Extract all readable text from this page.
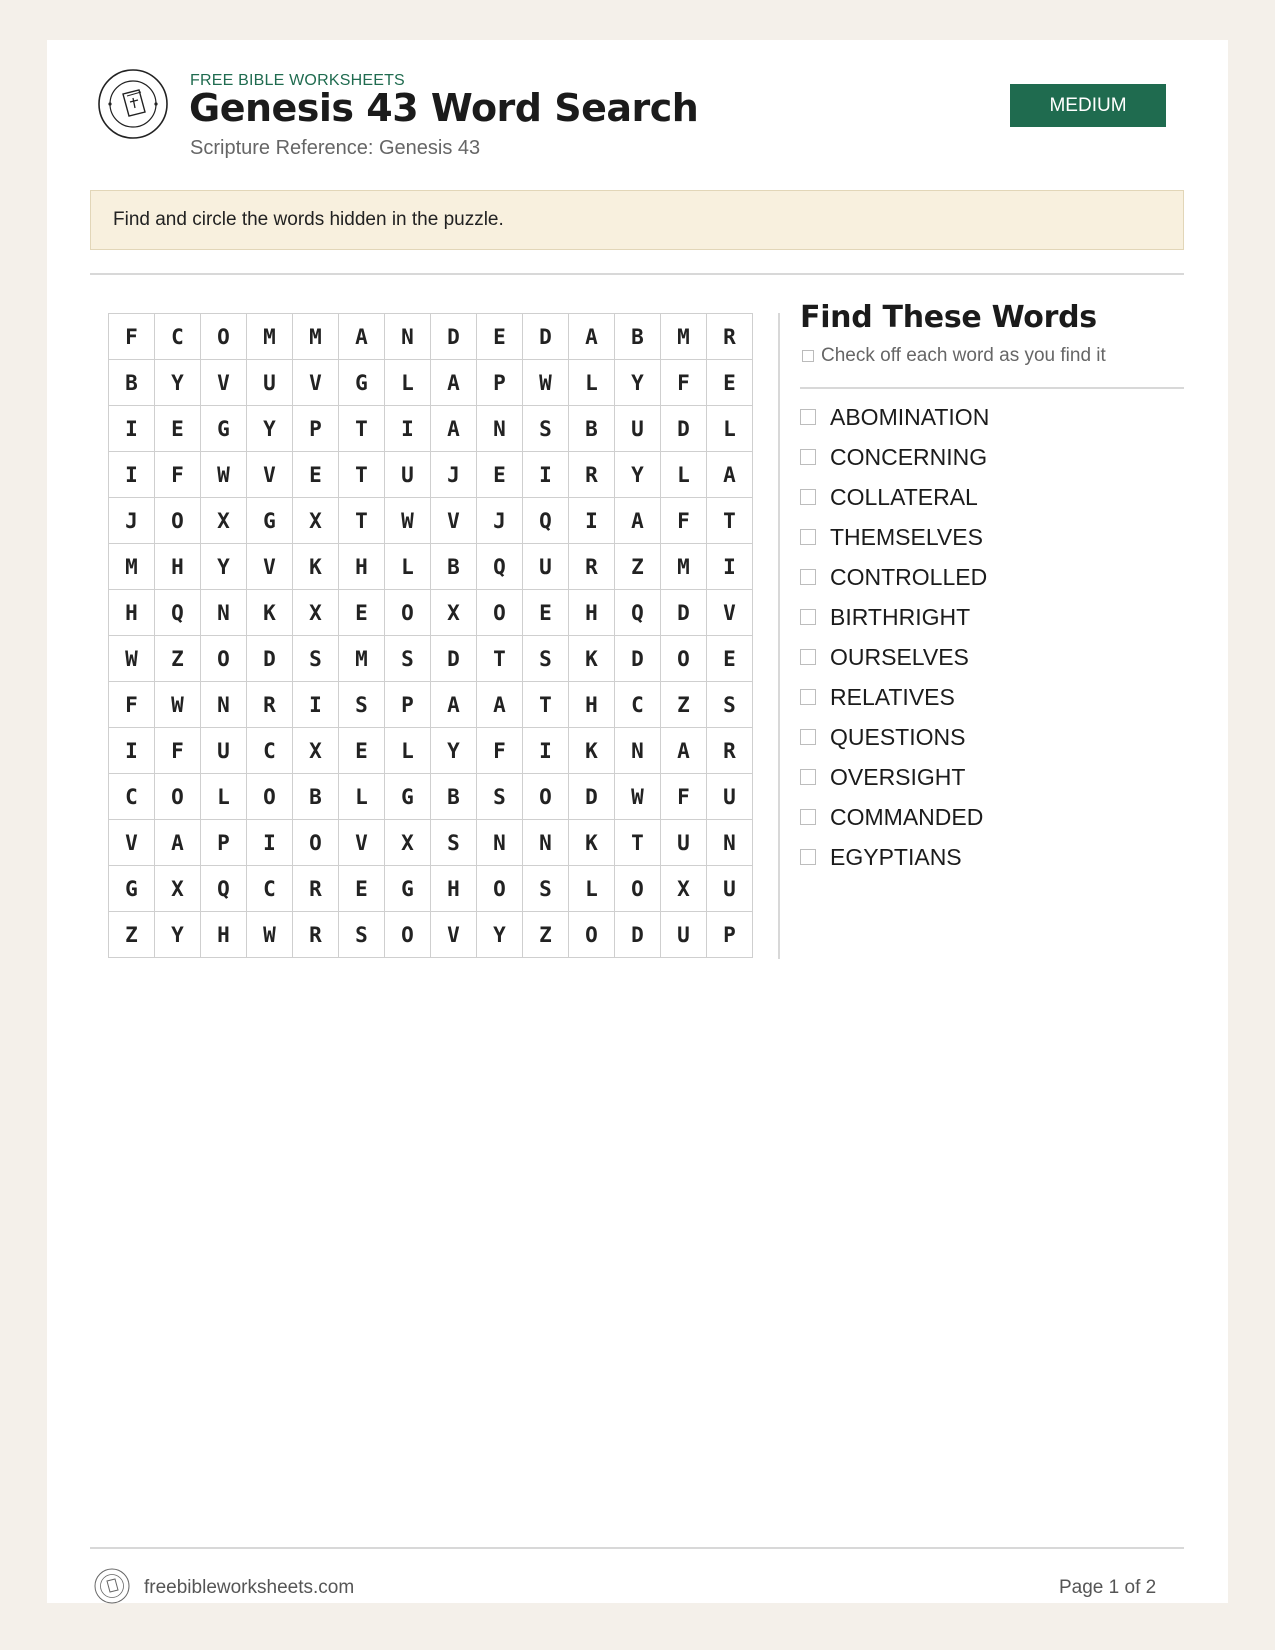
FREE BIBLE WORKSHEETS
Genesis 43 Word Search
Scripture Reference: Genesis 43
MEDIUM
Find and circle the words hidden in the puzzle.
F	C	O	M	M	A	N	D	E	D	A	B	M	R
B	Y	V	U	V	G	L	A	P	W	L	Y	F	E
I	E	G	Y	P	T	I	A	N	S	B	U	D	L
I	F	W	V	E	T	U	J	E	I	R	Y	L	A
J	O	X	G	X	T	W	V	J	Q	I	A	F	T
M	H	Y	V	K	H	L	B	Q	U	R	Z	M	I
H	Q	N	K	X	E	O	X	O	E	H	Q	D	V
W	Z	O	D	S	M	S	D	T	S	K	D	O	E
F	W	N	R	I	S	P	A	A	T	H	C	Z	S
I	F	U	C	X	E	L	Y	F	I	K	N	A	R
C	O	L	O	B	L	G	B	S	O	D	W	F	U
V	A	P	I	O	V	X	S	N	N	K	T	U	N
G	X	Q	C	R	E	G	H	O	S	L	O	X	U
Z	Y	H	W	R	S	O	V	Y	Z	O	D	U	P
Find These Words
Check off each word as you find it
ABOMINATION
CONCERNING
COLLATERAL
THEMSELVES
CONTROLLED
BIRTHRIGHT
OURSELVES
RELATIVES
QUESTIONS
OVERSIGHT
COMMANDED
EGYPTIANS
freebibleworksheets.com	Page 1 of 2
